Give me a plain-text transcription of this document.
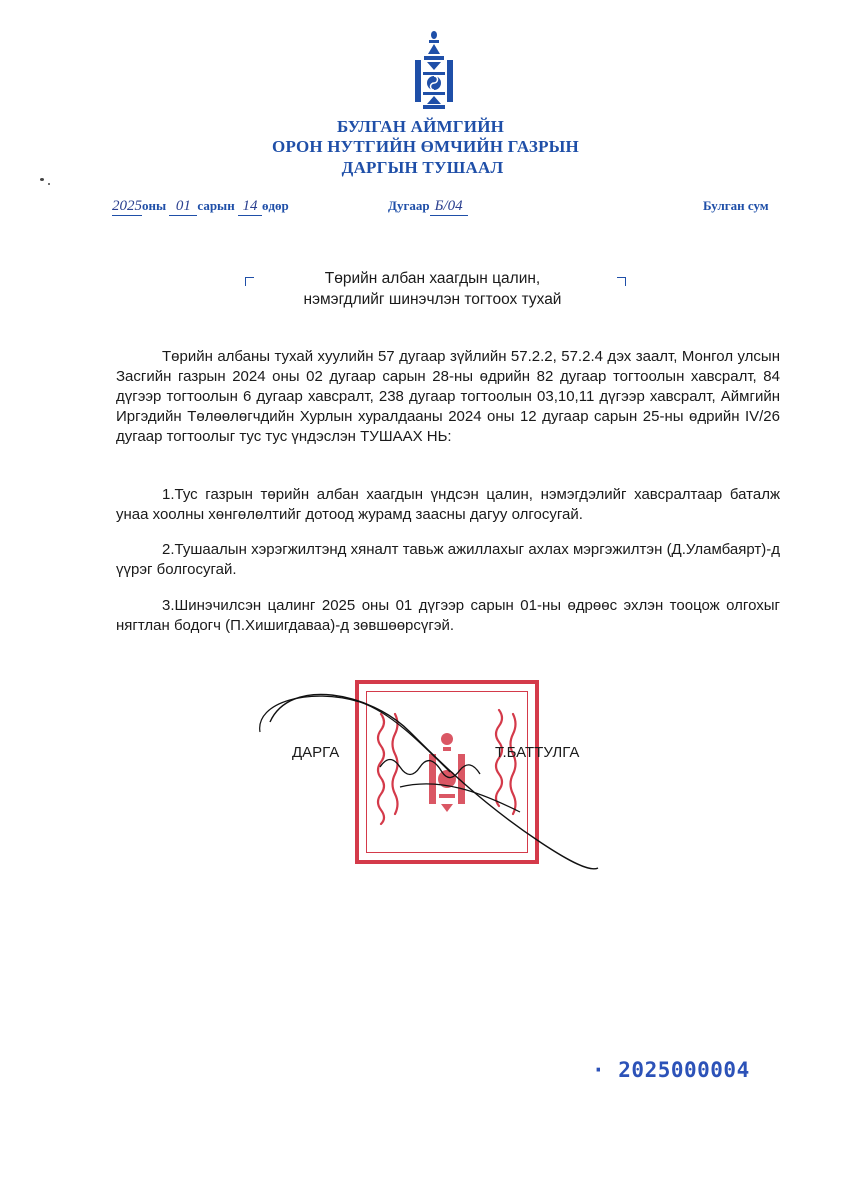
БУЛГАН АЙМГИЙН
ОРОН НУТГИЙН ӨМЧИЙН ГАЗРЫН
ДАРГЫН ТУШААЛ
2025оны 01 сарын 14 өдөр	Дугаар Б/04	Булган сум
Төрийн албан хаагдын цалин,
нэмэгдлийг шинэчлэн тогтоох тухай
Төрийн албаны тухай хуулийн 57 дугаар зүйлийн 57.2.2, 57.2.4 дэх заалт, Монгол улсын Засгийн газрын 2024 оны 02 дугаар сарын 28-ны өдрийн 82 дугаар тогтоолын хавсралт, 84 дүгээр тогтоолын 6 дугаар хавсралт, 238 дугаар тогтоолын 03,10,11 дүгээр хавсралт, Аймгийн Иргэдийн Төлөөлөгчдийн Хурлын хуралдааны 2024 оны 12 дугаар сарын 25-ны өдрийн IV/26 дугаар тогтоолыг тус тус үндэслэн ТУШААХ НЬ:
1.Тус газрын төрийн албан хаагдын үндсэн цалин, нэмэгдэлийг хавсралтаар баталж унаа хоолны хөнгөлөлтийг дотоод журамд заасны дагуу олгосугай.
2.Тушаалын хэрэгжилтэнд хяналт тавьж ажиллахыг ахлах мэргэжилтэн (Д.Уламбаярт)-д үүрэг болгосугай.
3.Шинэчилсэн цалинг 2025 оны 01 дүгээр сарын 01-ны өдрөөс эхлэн тооцож олгохыг нягтлан бодогч (П.Хишигдаваа)-д зөвшөөрсүгэй.
ДАРГА	Т.БАТТУЛГА
· 2025000004
